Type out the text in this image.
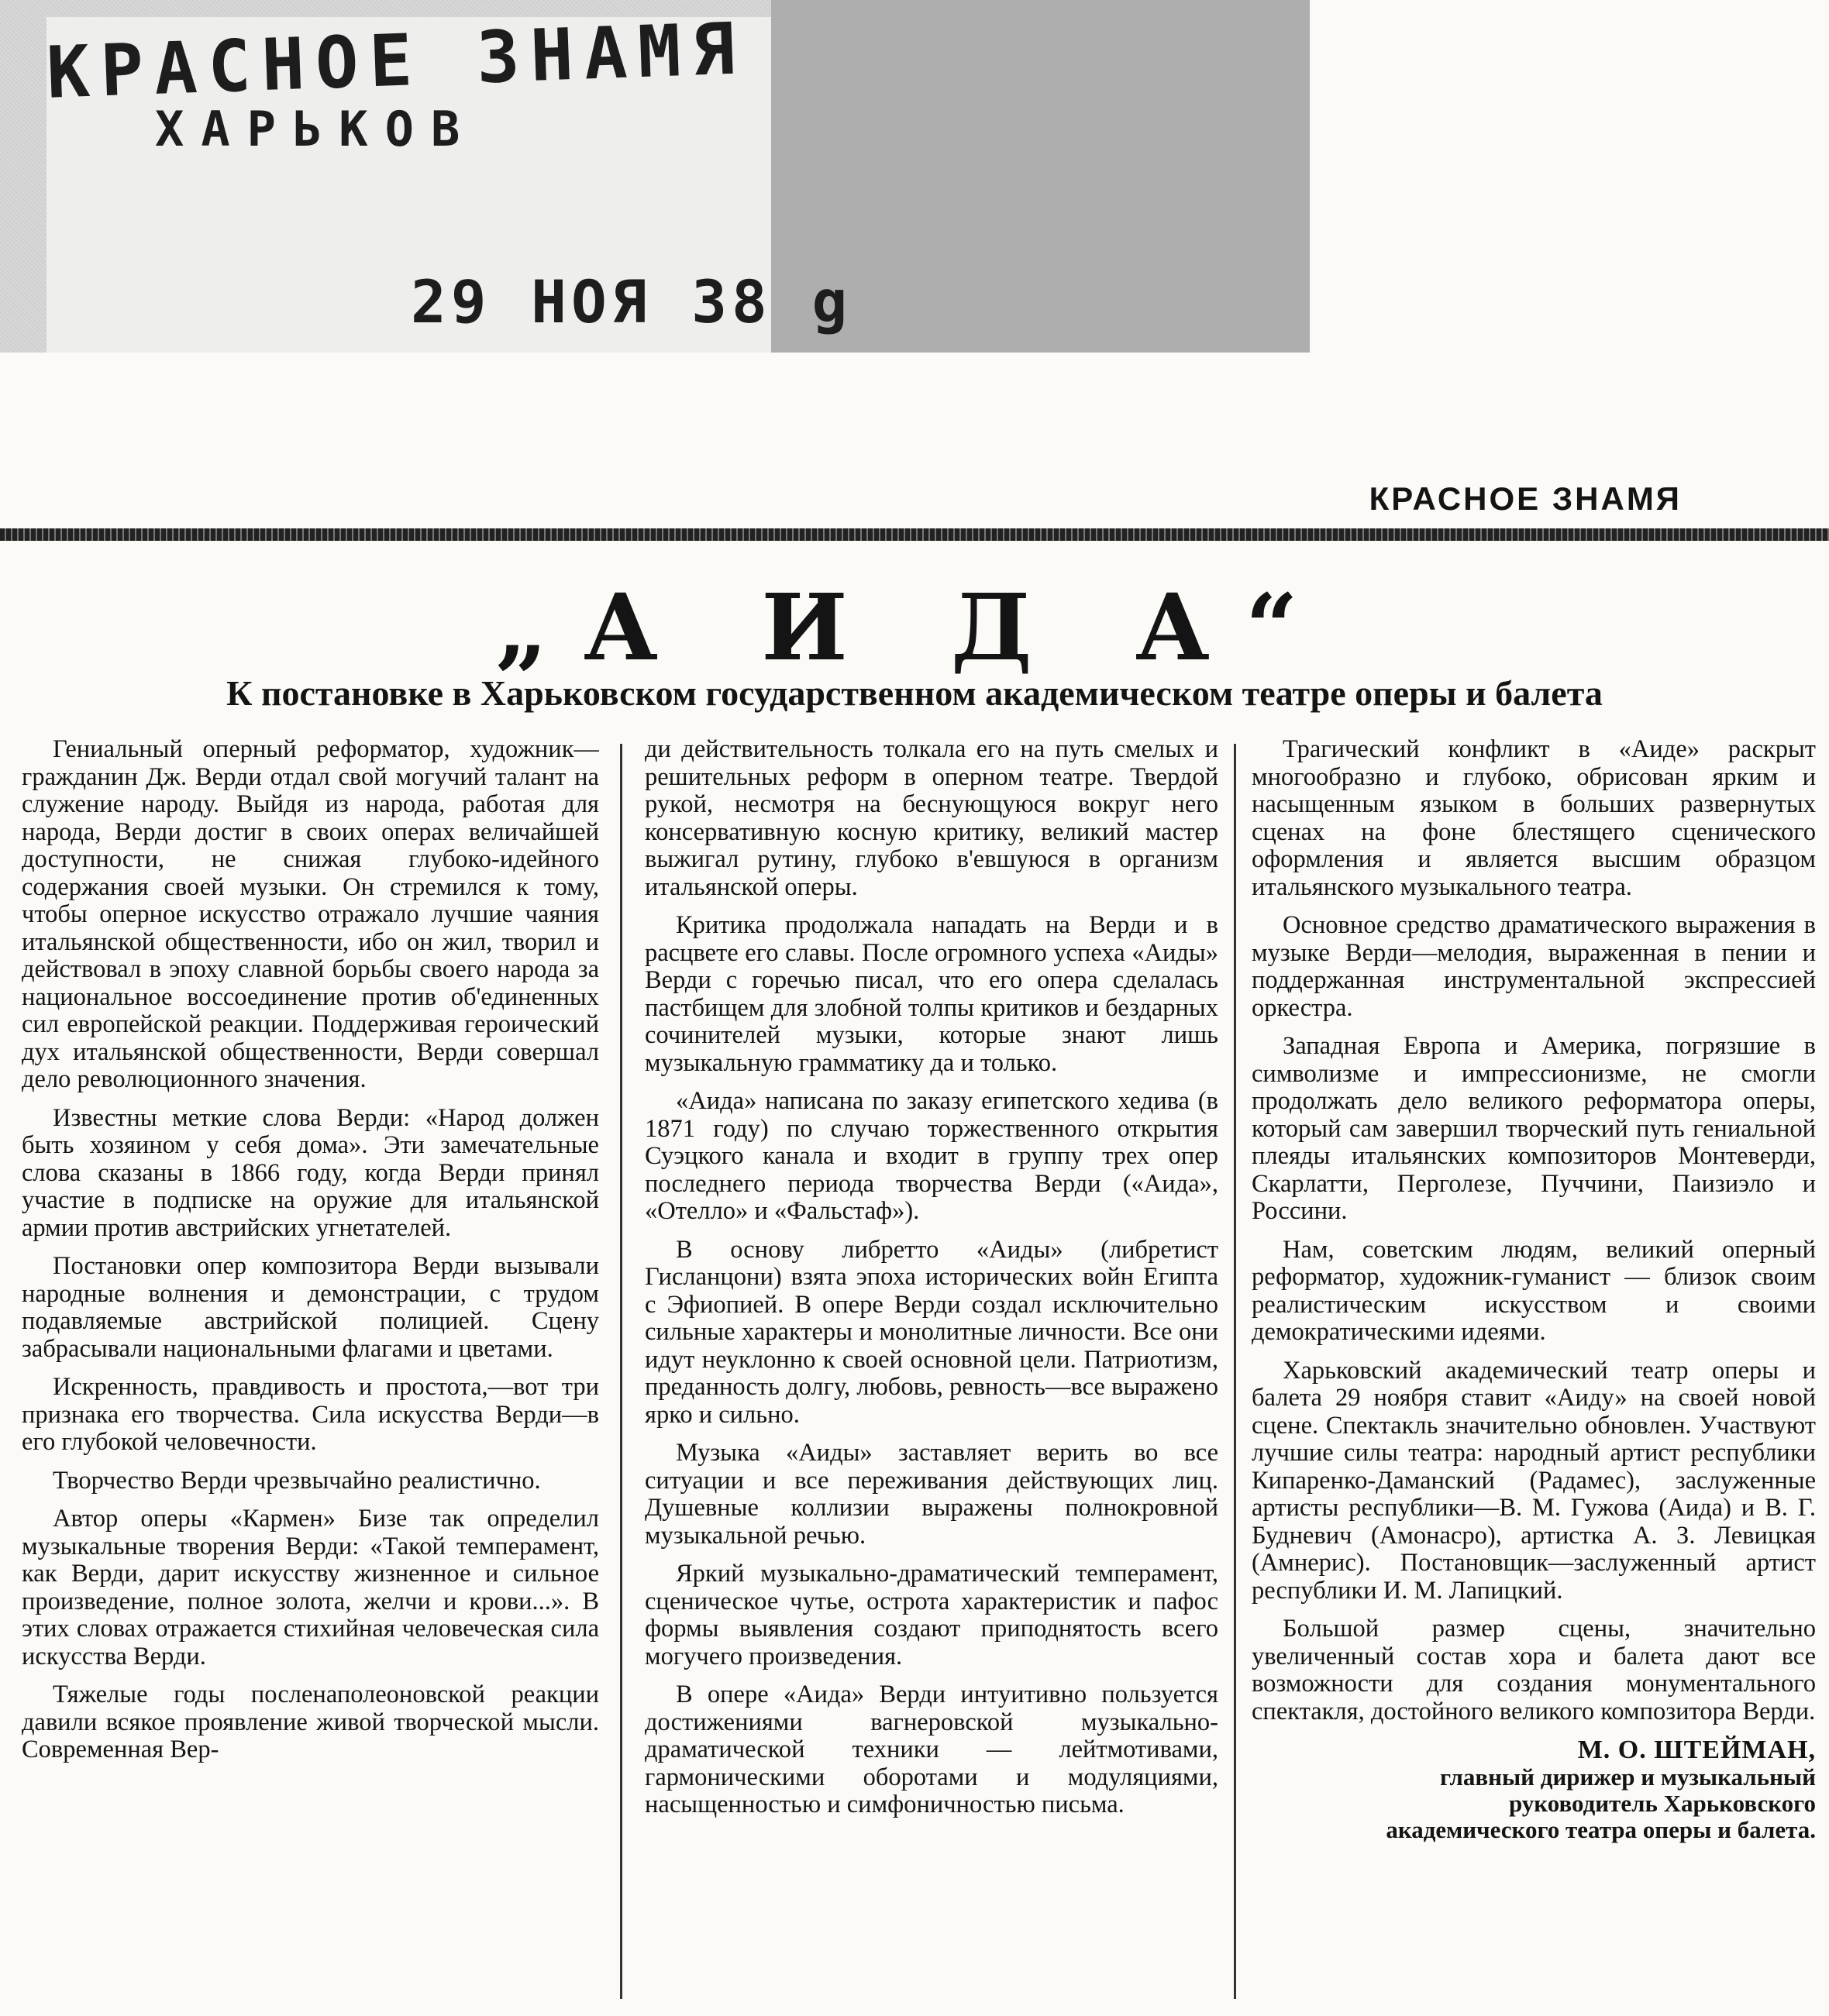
КРАСНОЕ ЗНАМЯ
ХАРЬКОВ
29 НОЯ 38 g
КРАСНОЕ ЗНАМЯ
„А И Д А“
К постановке в Харьковском государственном академическом театре оперы и балета

Гениальный оперный реформатор, художник—гражданин Дж. Верди отдал свой могучий талант на служение народу. Выйдя из народа, работая для народа, Верди достиг в своих операх величайшей доступности, не снижая глубоко-идейного содержания своей музыки. Он стремился к тому, чтобы оперное искусство отражало лучшие чаяния итальянской общественности, ибо он жил, творил и действовал в эпоху славной борьбы своего народа за национальное воссоединение против об'единенных сил европейской реакции. Поддерживая героический дух итальянской общественности, Верди совершал дело революционного значения.

Известны меткие слова Верди: «Народ должен быть хозяином у себя дома». Эти замечательные слова сказаны в 1866 году, когда Верди принял участие в подписке на оружие для итальянской армии против австрийских угнетателей.

Постановки опер композитора Верди вызывали народные волнения и демонстрации, с трудом подавляемые австрийской полицией. Сцену забрасывали национальными флагами и цветами.

Искренность, правдивость и простота,—вот три признака его творчества. Сила искусства Верди—в его глубокой человечности.

Творчество Верди чрезвычайно реалистично.

Автор оперы «Кармен» Бизе так определил музыкальные творения Верди: «Такой темперамент, как Верди, дарит искусству жизненное и сильное произведение, полное золота, желчи и крови...». В этих словах отражается стихийная человеческая сила искусства Верди.

Тяжелые годы посленаполеоновской реакции давили всякое проявление живой творческой мысли. Современная Вер-

ди действительность толкала его на путь смелых и решительных реформ в оперном театре. Твердой рукой, несмотря на беснующуюся вокруг него консервативную косную критику, великий мастер выжигал рутину, глубоко в'евшуюся в организм итальянской оперы.

Критика продолжала нападать на Верди и в расцвете его славы. После огромного успеха «Аиды» Верди с горечью писал, что его опера сделалась пастбищем для злобной толпы критиков и бездарных сочинителей музыки, которые знают лишь музыкальную грамматику да и только.

«Аида» написана по заказу египетского хедива (в 1871 году) по случаю торжественного открытия Суэцкого канала и входит в группу трех опер последнего периода творчества Верди («Аида», «Отелло» и «Фальстаф»).

В основу либретто «Аиды» (либретист Гисланцони) взята эпоха исторических войн Египта с Эфиопией. В опере Верди создал исключительно сильные характеры и монолитные личности. Все они идут неуклонно к своей основной цели. Патриотизм, преданность долгу, любовь, ревность—все выражено ярко и сильно.

Музыка «Аиды» заставляет верить во все ситуации и все переживания действующих лиц. Душевные коллизии выражены полнокровной музыкальной речью.

Яркий музыкально-драматический темперамент, сценическое чутье, острота характеристик и пафос формы выявления создают приподнятость всего могучего произведения.

В опере «Аида» Верди интуитивно пользуется достижениями вагнеровской музыкально-драматической техники — лейтмотивами, гармоническими оборотами и модуляциями, насыщенностью и симфоничностью письма.

Трагический конфликт в «Аиде» раскрыт многообразно и глубоко, обрисован ярким и насыщенным языком в больших развернутых сценах на фоне блестящего сценического оформления и является высшим образцом итальянского музыкального театра.

Основное средство драматического выражения в музыке Верди—мелодия, выраженная в пении и поддержанная инструментальной экспрессией оркестра.

Западная Европа и Америка, погрязшие в символизме и импрессионизме, не смогли продолжать дело великого реформатора оперы, который сам завершил творческий путь гениальной плеяды итальянских композиторов Монтеверди, Скарлатти, Перголезе, Пуччини, Паизиэло и Россини.

Нам, советским людям, великий оперный реформатор, художник-гуманист — близок своим реалистическим искусством и своими демократическими идеями.

Харьковский академический театр оперы и балета 29 ноября ставит «Аиду» на своей новой сцене. Спектакль значительно обновлен. Участвуют лучшие силы театра: народный артист республики Кипаренко-Даманский (Радамес), заслуженные артисты республики—В. М. Гужова (Аида) и В. Г. Будневич (Амонасро), артистка А. З. Левицкая (Амнерис). Постановщик—заслуженный артист республики И. М. Лапицкий.

Большой размер сцены, значительно увеличенный состав хора и балета дают все возможности для создания монументального спектакля, достойного великого композитора Верди.

М. О. ШТЕЙМАН,
главный дирижер и музыкальный руководитель Харьковского академического театра оперы и балета.
